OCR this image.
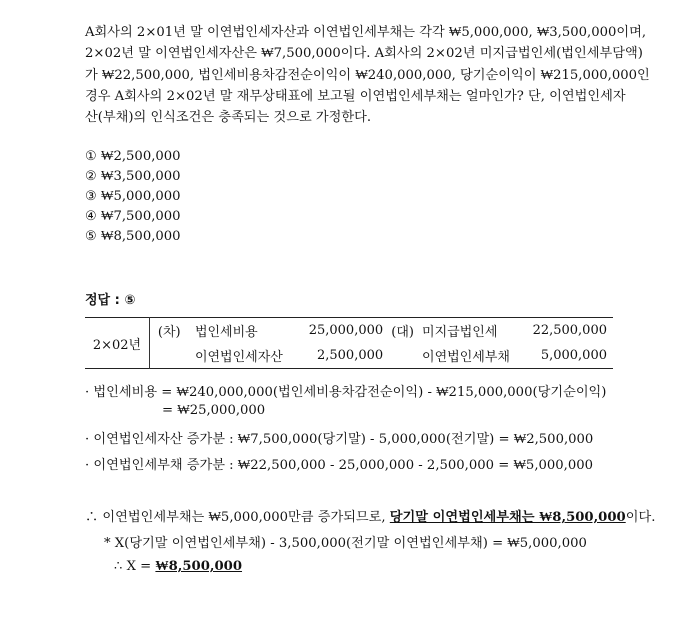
A회사의 2×01년 말 이연법인세자산과 이연법인세부채는 각각 ₩5,000,000, ₩3,500,000이며,
2×02년 말 이연법인세자산은 ₩7,500,000이다. A회사의 2×02년 미지급법인세(법인세부담액)
가 ₩22,500,000, 법인세비용차감전순이익이 ₩240,000,000, 당기순이익이 ₩215,000,000인
경우 A회사의 2×02년 말 재무상태표에 보고될 이연법인세부채는 얼마인가? 단, 이연법인세자
산(부채)의 인식조건은 충족되는 것으로 가정한다.
① ₩2,500,000
② ₩3,500,000
③ ₩5,000,000
④ ₩7,500,000
⑤ ₩8,500,000
정답 : ⑤
2×02년	(차)	법인세비용	25,000,000	(대)	미지급법인세	22,500,000
		이연법인세자산	2,500,000		이연법인세부채	5,000,000
· 법인세비용 = ₩240,000,000(법인세비용차감전순이익) - ₩215,000,000(당기순이익)
= ₩25,000,000
· 이연법인세자산 증가분 : ₩7,500,000(당기말) - 5,000,000(전기말) = ₩2,500,000
· 이연법인세부채 증가분 : ₩22,500,000 - 25,000,000 - 2,500,000 = ₩5,000,000
∴ 이연법인세부채는 ₩5,000,000만큼 증가되므로, 당기말 이연법인세부채는 ₩8,500,000이다.
* X(당기말 이연법인세부채) - 3,500,000(전기말 이연법인세부채) = ₩5,000,000
∴ X = ₩8,500,000
